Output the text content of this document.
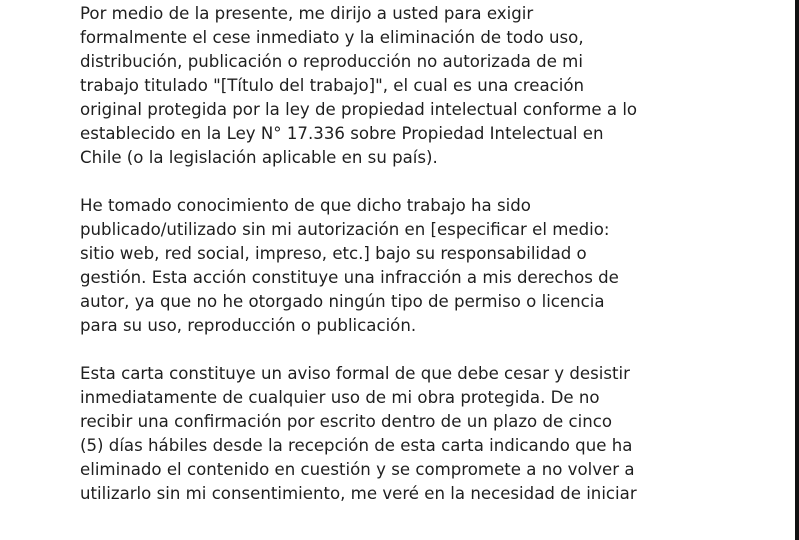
Por medio de la presente, me dirijo a usted para exigir
formalmente el cese inmediato y la eliminación de todo uso,
distribución, publicación o reproducción no autorizada de mi
trabajo titulado "[Título del trabajo]", el cual es una creación
original protegida por la ley de propiedad intelectual conforme a lo
establecido en la Ley N° 17.336 sobre Propiedad Intelectual en
Chile (o la legislación aplicable en su país).

He tomado conocimiento de que dicho trabajo ha sido
publicado/utilizado sin mi autorización en [especificar el medio:
sitio web, red social, impreso, etc.] bajo su responsabilidad o
gestión. Esta acción constituye una infracción a mis derechos de
autor, ya que no he otorgado ningún tipo de permiso o licencia
para su uso, reproducción o publicación.

Esta carta constituye un aviso formal de que debe cesar y desistir
inmediatamente de cualquier uso de mi obra protegida. De no
recibir una confirmación por escrito dentro de un plazo de cinco
(5) días hábiles desde la recepción de esta carta indicando que ha
eliminado el contenido en cuestión y se compromete a no volver a
utilizarlo sin mi consentimiento, me veré en la necesidad de iniciar
